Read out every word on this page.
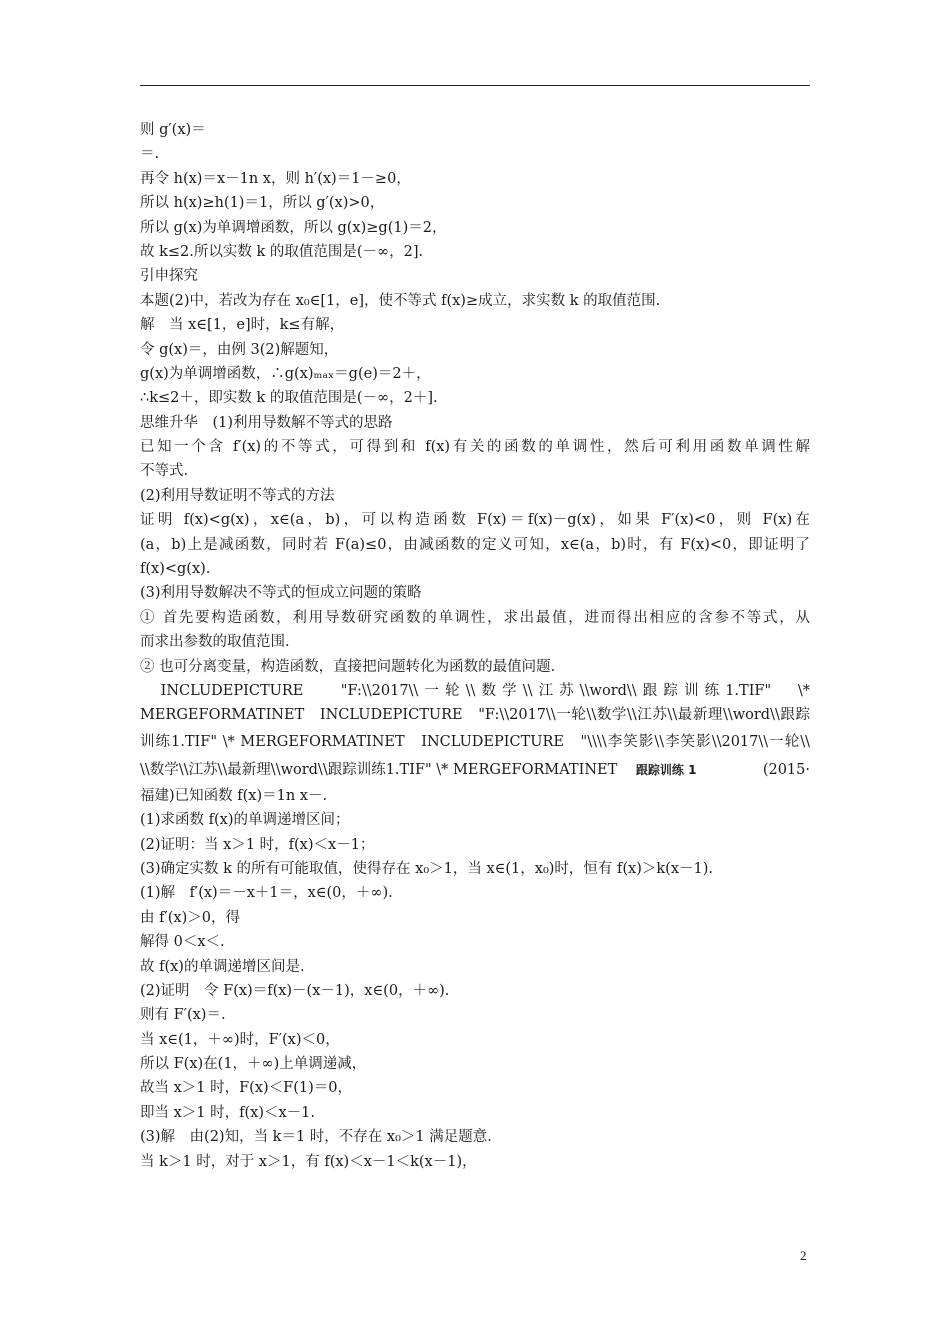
则 g′(x)＝
＝.
再令 h(x)＝x－1n x，则 h′(x)＝1－≥0，
所以 h(x)≥h(1)＝1，所以 g′(x)>0，
所以 g(x)为单调增函数，所以 g(x)≥g(1)＝2，
故 k≤2.所以实数 k 的取值范围是(－∞，2].
引申探究
本题(2)中，若改为存在 x₀∈[1，e]，使不等式 f(x)≥成立，求实数 k 的取值范围.
解　当 x∈[1，e]时，k≤有解，
令 g(x)＝，由例 3(2)解题知，
g(x)为单调增函数，∴g(x)ₘₐₓ＝g(e)＝2＋，
∴k≤2＋，即实数 k 的取值范围是(－∞，2＋].
思维升华　(1)利用导数解不等式的思路
已知一个含 f′(x)的不等式，可得到和 f(x)有关的函数的单调性，然后可利用函数单调性解
不等式.
(2)利用导数证明不等式的方法
证明 f(x)<g(x)，x∈(a，b)，可以构造函数 F(x)＝f(x)－g(x)，如果 F′(x)<0，则 F(x)在
(a，b)上是减函数，同时若 F(a)≤0，由减函数的定义可知，x∈(a，b)时，有 F(x)<0，即证明了
f(x)<g(x).
(3)利用导数解决不等式的恒成立问题的策略
① 首先要构造函数，利用导数研究函数的单调性，求出最值，进而得出相应的含参不等式，从
而求出参数的取值范围.
② 也可分离变量，构造函数，直接把问题转化为函数的最值问题.
　INCLUDEPICTURE　 "F:\\2017\\一轮\\数学\\江苏\\word\\跟踪训练1.TIF"　\*
MERGEFORMATINET　INCLUDEPICTURE　"F:\\2017\\一轮\\数学\\江苏\\最新理\\word\\跟踪
训练1.TIF" \* MERGEFORMATINET　INCLUDEPICTURE　"\\\\李笑影\\李笑影\\2017\\一轮\\
\\数学\\江苏\\最新理\\word\\跟踪训练1.TIF" \* MERGEFORMATINET 跟踪训练 1	(2015·
福建)已知函数 f(x)＝1n x－.
(1)求函数 f(x)的单调递增区间；
(2)证明：当 x＞1 时，f(x)＜x－1；
(3)确定实数 k 的所有可能取值，使得存在 x₀＞1，当 x∈(1，x₀)时，恒有 f(x)＞k(x－1).
(1)解　f′(x)＝－x＋1＝，x∈(0，＋∞).
由 f′(x)＞0，得
解得 0＜x＜.
故 f(x)的单调递增区间是.
(2)证明　令 F(x)＝f(x)－(x－1)，x∈(0，＋∞).
则有 F′(x)＝.
当 x∈(1，＋∞)时，F′(x)＜0，
所以 F(x)在(1，＋∞)上单调递减，
故当 x＞1 时，F(x)＜F(1)＝0，
即当 x＞1 时，f(x)＜x－1.
(3)解　由(2)知，当 k＝1 时，不存在 x₀＞1 满足题意.
当 k＞1 时，对于 x＞1，有 f(x)＜x－1＜k(x－1)，
2
